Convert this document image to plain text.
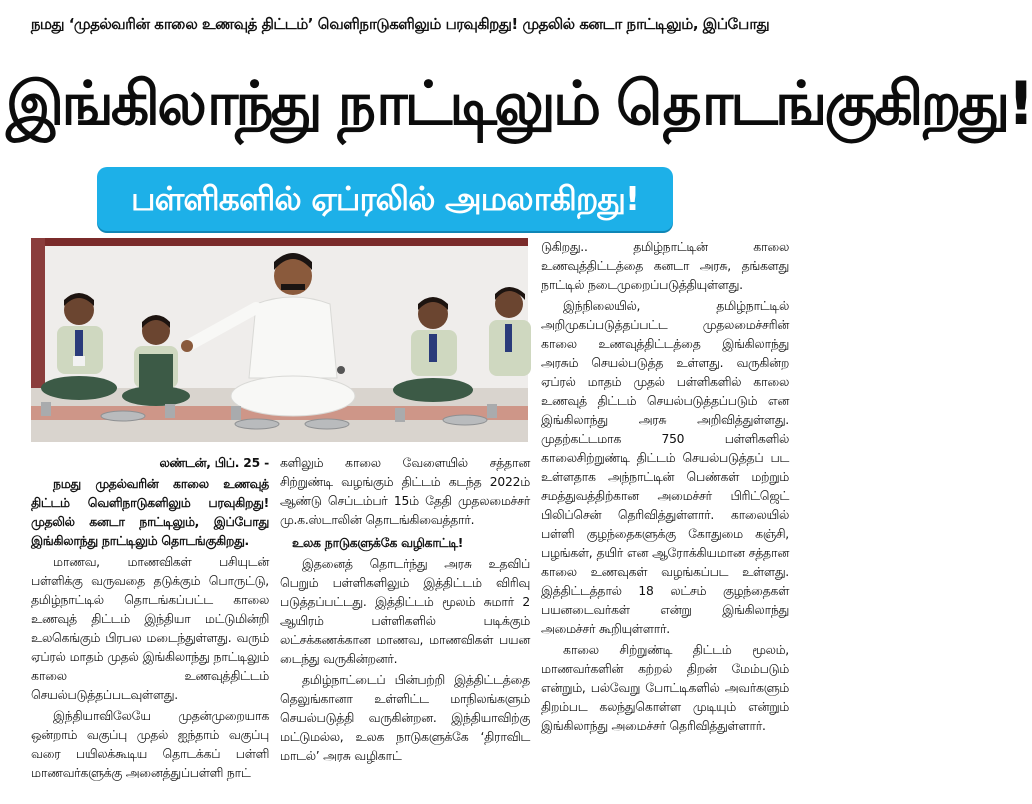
நமது ‘முதல்வரின் காலை உணவுத் திட்டம்’ வெளிநாடுகளிலும் பரவுகிறது! முதலில் கனடா நாட்டிலும், இப்போது
இங்கிலாந்து நாட்டிலும் தொடங்குகிறது!
பள்ளிகளில் ஏப்ரலில் அமலாகிறது!

லண்டன், பிப். 25 -

நமது முதல்வரின் காலை உணவுத் திட்டம் வெளிநாடுகளிலும் பரவுகிறது! முதலில் கனடா நாட்டிலும், இப்போது இங்கிலாந்து நாட்டிலும் தொடங்குகிறது.

மாணவ, மாணவிகள் பசியுடன் பள்ளிக்கு வருவதை தடுக்கும் பொருட்டு, தமிழ்நாட்டில் தொடங்கப்பட்ட காலை உணவுத் திட்டம் இந்தியா மட்டுமின்றி உலகெங்கும் பிரபல மடைந்துள்ளது. வரும் ஏப்ரல் மாதம் முதல் இங்கிலாந்து நாட்டிலும் காலை உணவுத்திட்டம் செயல்படுத்தப்படவுள்ளது.

இந்தியாவிலேயே முதன்முறையாக ஒன்றாம் வகுப்பு முதல் ஐந்தாம் வகுப்பு வரை பயிலக்கூடிய தொடக்கப் பள்ளி மாணவர்களுக்கு அனைத்துப்பள்ளி நாட்

களிலும் காலை வேளையில் சத்தான சிற்றுண்டி வழங்கும் திட்டம் கடந்த 2022ம் ஆண்டு செப்டம்பர் 15ம் தேதி முதலமைச்சர் மு.க.ஸ்டாலின் தொடங்கிவைத்தார்.

உலக நாடுகளுக்கே வழிகாட்டி!

இதனைத் தொடர்ந்து அரசு உதவிப் பெறும் பள்ளிகளிலும் இத்திட்டம் விரிவு படுத்தப்பட்டது. இத்திட்டம் மூலம் சுமார் 2 ஆயிரம் பள்ளிகளில் படிக்கும் லட்சக்கணக்கான மாணவ, மாணவிகள் பயன டைந்து வருகின்றனர்.

தமிழ்நாட்டைப் பின்பற்றி இத்திட்டத்தை தெலுங்கானா உள்ளிட்ட மாநிலங்களும் செயல்படுத்தி வருகின்றன. இந்தியாவிற்கு மட்டுமல்ல, உலக நாடுகளுக்கே ‘திராவிட மாடல்’ அரசு வழிகாட்

டுகிறது.. தமிழ்நாட்டின் காலை உணவுத்திட்டத்தை கனடா அரசு, தங்களது நாட்டில் நடைமுறைப்படுத்தியுள்ளது.

இந்நிலையில், தமிழ்நாட்டில் அறிமுகப்படுத்தப்பட்ட முதலமைச்சரின் காலை உணவுத்திட்டத்தை இங்கிலாந்து அரசும் செயல்படுத்த உள்ளது. வருகின்ற ஏப்ரல் மாதம் முதல் பள்ளிகளில் காலை உணவுத் திட்டம் செயல்படுத்தப்படும் என இங்கிலாந்து அரசு அறிவித்துள்ளது. முதற்கட்டமாக 750 பள்ளிகளில் காலைசிற்றுண்டி திட்டம் செயல்படுத்தப் பட உள்ளதாக அந்நாட்டின் பெண்கள் மற்றும் சமத்துவத்திற்கான அமைச்சர் பிரிட்ஜெட் பிலிப்சென் தெரிவித்துள்ளார். காலையில் பள்ளி குழந்தைகளுக்கு கோதுமை கஞ்சி, பழங்கள், தயிர் என ஆரோக்கியமான சத்தான காலை உணவுகள் வழங்கப்பட உள்ளது. இத்திட்டத்தால் 18 லட்சம் குழந்தைகள் பயனடைவர்கள் என்று இங்கிலாந்து அமைச்சர் கூறியுள்ளார்.

காலை சிற்றுண்டி திட்டம் மூலம், மாணவர்களின் கற்றல் திறன் மேம்படும் என்றும், பல்வேறு போட்டிகளில் அவர்களும் திறம்பட கலந்துகொள்ள முடியும் என்றும் இங்கிலாந்து அமைச்சர் தெரிவித்துள்ளார்.
